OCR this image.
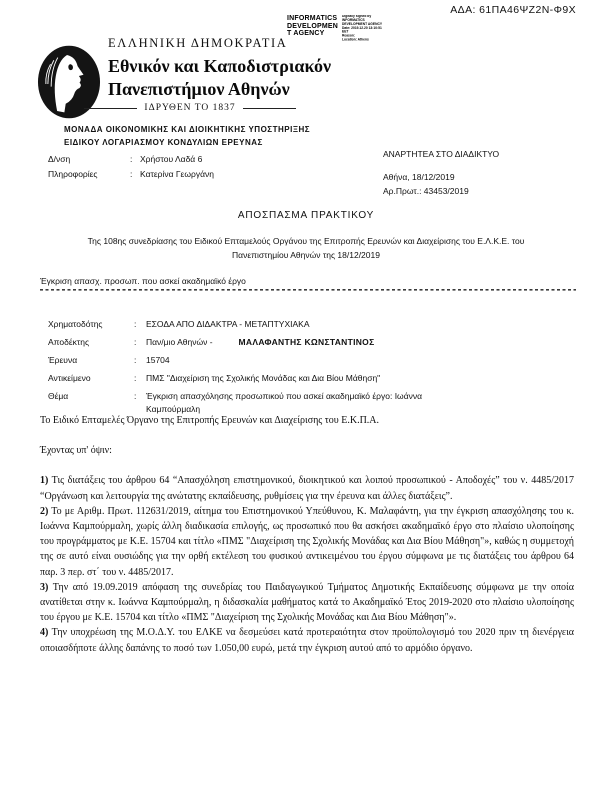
ΑΔΑ: 61ΠΑ46ΨΖ2Ν-Φ9Χ
INFORMATICS
DEVELOPMEN
T AGENCY
Digitally signed by
INFORMATICS
DEVELOPMENT AGENCY
Date: 2019.12.20 13:10:51
EET
Reason:
Location: Athens
ΕΛΛΗΝΙΚΗ ΔΗΜΟΚΡΑΤΙΑ
Εθνικόν και Καποδιστριακόν
Πανεπιστήμιον Αθηνών
ΙΔΡΥΘΕΝ ΤΟ 1837
ΜΟΝΑΔΑ ΟΙΚΟΝΟΜΙΚΗΣ ΚΑΙ ΔΙΟΙΚΗΤΙΚΗΣ ΥΠΟΣΤΗΡΙΞΗΣ
ΕΙΔΙΚΟΥ ΛΟΓΑΡΙΑΣΜΟΥ ΚΟΝΔΥΛΙΩΝ ΕΡΕΥΝΑΣ
Δ/νση	: Χρήστου Λαδά 6
Πληροφορίες	: Κατερίνα Γεωργάνη
ΑΝΑΡΤΗΤΕΑ ΣΤΟ ΔΙΑΔΙΚΤΥΟ
Αθήνα, 18/12/2019
Αρ.Πρωτ.: 43453/2019
ΑΠΟΣΠΑΣΜΑ ΠΡΑΚΤΙΚΟΥ
Της 108ης συνεδρίασης του Ειδικού Επταμελούς Οργάνου της Επιτροπής Ερευνών και Διαχείρισης του Ε.Λ.Κ.Ε. του Πανεπιστημίου Αθηνών της 18/12/2019
Έγκριση απασχ. προσωπ. που ασκεί ακαδημαϊκό έργο
Χρηματοδότης	:	ΕΣΟΔΑ ΑΠΟ ΔΙΔΑΚΤΡΑ - ΜΕΤΑΠΤΥΧΙΑΚΑ
Αποδέκτης	:	Παν/μιο Αθηνών -	ΜΑΛΑΦΑΝΤΗΣ ΚΩΝΣΤΑΝΤΙΝΟΣ
Έρευνα	:	15704
Αντικείμενο	:	ΠΜΣ "Διαχείριση της Σχολικής Μονάδας και Δια Βίου Μάθηση"
Θέμα	:	Έγκριση απασχόλησης προσωπικού που ασκεί ακαδημαϊκό έργο: Ιωάννα Καμπούρμαλη

Το Ειδικό Επταμελές Όργανο της Επιτροπής Ερευνών και Διαχείρισης του Ε.Κ.Π.Α.

Έχοντας υπ' όψιν:

1) Τις διατάξεις του άρθρου 64 “Απασχόληση επιστημονικού, διοικητικού και λοιπού προσωπικού - Αποδοχές” του ν. 4485/2017 “Οργάνωση και λειτουργία της ανώτατης εκπαίδευσης, ρυθμίσεις για την έρευνα και άλλες διατάξεις”.

2) Το με Αριθμ. Πρωτ. 112631/2019, αίτημα του Επιστημονικού Υπεύθυνου, Κ. Μαλαφάντη, για την έγκριση απασχόλησης του κ. Ιωάννα Καμπούρμαλη, χωρίς άλλη διαδικασία επιλογής, ως προσωπικό που θα ασκήσει ακαδημαϊκό έργο στο πλαίσιο υλοποίησης του προγράμματος με Κ.Ε. 15704 και τίτλο «ΠΜΣ "Διαχείριση της Σχολικής Μονάδας και Δια Βίου Μάθηση"», καθώς η συμμετοχή της σε αυτό είναι ουσιώδης για την ορθή εκτέλεση του φυσικού αντικειμένου του έργου σύμφωνα με τις διατάξεις του άρθρου 64 παρ. 3 περ. στ΄ του ν. 4485/2017.

3) Την από 19.09.2019 απόφαση της συνεδρίας του Παιδαγωγικού Τμήματος Δημοτικής Εκπαίδευσης σύμφωνα με την οποία ανατίθεται στην κ. Ιωάννα Καμπούρμαλη, η διδασκαλία μαθήματος κατά το Ακαδημαϊκό Έτος 2019-2020 στο πλαίσιο υλοποίησης του έργου με Κ.Ε. 15704 και τίτλο «ΠΜΣ "Διαχείριση της Σχολικής Μονάδας και Δια Βίου Μάθηση"».

4) Την υποχρέωση της Μ.Ο.Δ.Υ. του ΕΛΚΕ να δεσμεύσει κατά προτεραιότητα στον προϋπολογισμό του 2020 πριν τη διενέργεια οποιασδήποτε άλλης δαπάνης το ποσό των 1.050,00 ευρώ, μετά την έγκριση αυτού από το αρμόδιο όργανο.
